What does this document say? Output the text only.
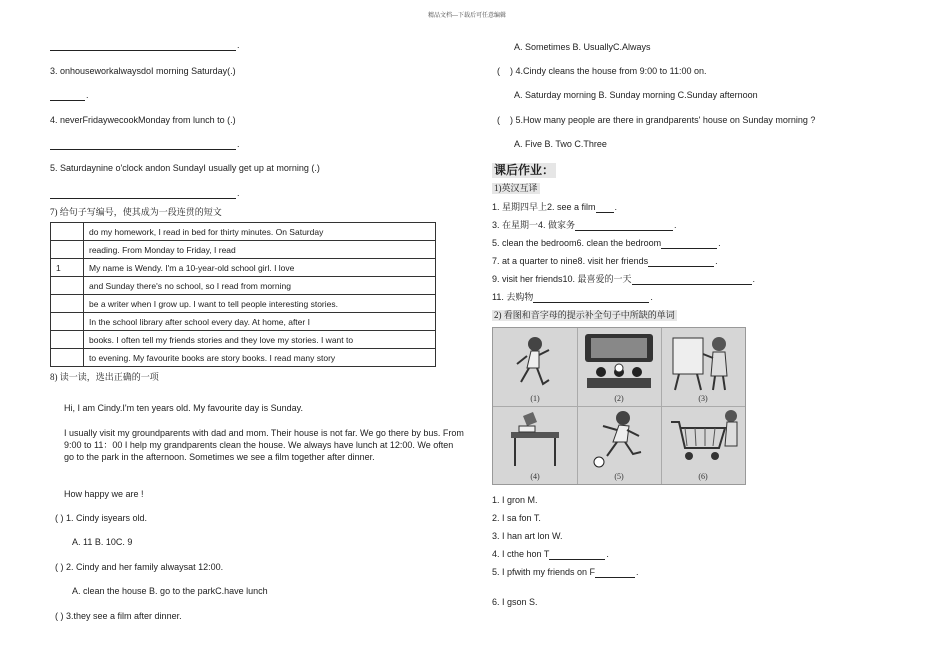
精品文档---下载后可任意编辑
.
3. onhouseworkalwaysdoI morning Saturday(.)
.
4. neverFridaywecookMonday from lunch to (.)
.
5. Saturdaynine o'clock andon SundayI usually get up at morning (.)
.
7) 给句子写编号，使其成为一段连贯的短文
	do my homework, I read in bed for thirty minutes. On Saturday
	reading. From Monday to Friday, I read
1	My name is Wendy. I'm a 10-year-old school girl. I love
	and Sunday there's no school, so I read from morning
	be a writer when I grow up. I want to tell people interesting stories.
	In the school library after school every day. At home, after I
	books. I often tell my friends stories and they love my stories. I want to
	to evening. My favourite books are story books. I read many story
8) 读一读，选出正确的一项
Hi, I am Cindy.I'm ten years old. My favourite day is Sunday.
I usually visit my groundparents with dad and mom. Their house is not far. We go there by bus. From 9:00 to 11：00 I help my grandparents clean the house. We always have lunch at 12:00. We often go to the park in the afternoon. Sometimes we see a film together after dinner.
How happy we are !
( ) 1. Cindy isyears old.
A. 11 B. 10C. 9
( ) 2. Cindy and her family alwaysat 12:00.
A. clean the house B. go to the parkC.have lunch
( ) 3.they see a film after dinner.
A. Sometimes B. UsuallyC.Always
( ) 4.Cindy cleans the house from 9:00 to 11:00 on.
A. Saturday morning B. Sunday morning C.Sunday afternoon
( ) 5.How many people are there in grandparents' house on Sunday morning ?
A. Five B. Two C.Three
课后作业：
1)英汉互译
1. 星期四早上2. see a film .
3. 在星期一4. 做家务	.
5. clean the bedroom6. clean the bedroom	.
7. at a quarter to nine8. visit her friends	.
9. visit her friends10. 最喜爱的一天	.
11. 去购物	.
2) 看图和音字母的提示补全句子中所缺的单词
(1)	(2)	(3)
(4)	(5)	(6)
1. I gron M.
2. I sa fon T.
3. I han art lon W.
4. I cthe hon T	.
5. I pfwith my friends on F	.
6. I gson S.
